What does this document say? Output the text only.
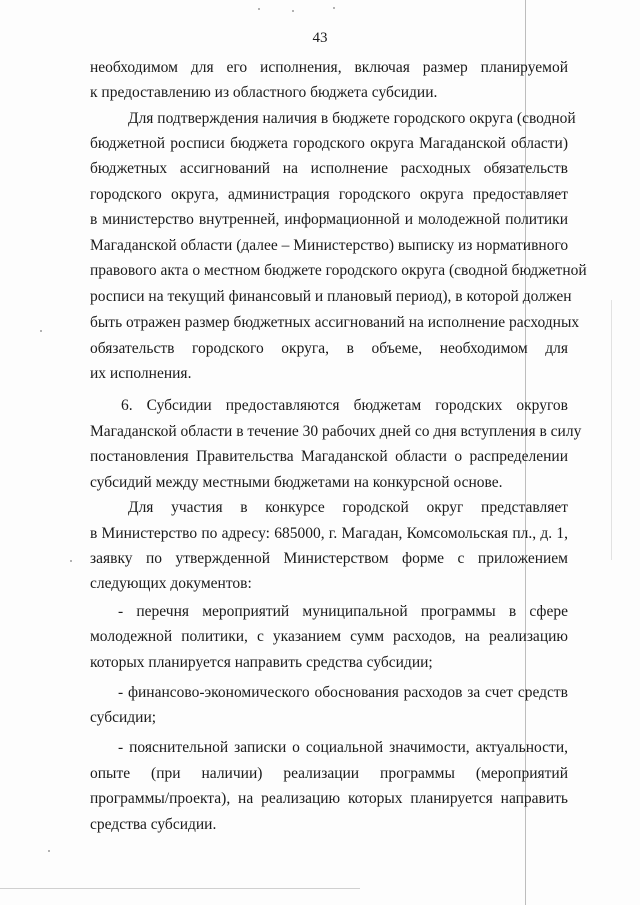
43
необходимом для его исполнения, включая размер планируемой
к предоставлению из областного бюджета субсидии.
Для подтверждения наличия в бюджете городского округа (сводной
бюджетной росписи бюджета городского округа Магаданской области)
бюджетных ассигнований на исполнение расходных обязательств
городского округа, администрация городского округа предоставляет
в министерство внутренней, информационной и молодежной политики
Магаданской области (далее – Министерство) выписку из нормативного
правового акта о местном бюджете городского округа (сводной бюджетной
росписи на текущий финансовый и плановый период), в которой должен
быть отражен размер бюджетных ассигнований на исполнение расходных
обязательств городского округа, в объеме, необходимом для
их исполнения.
6. Субсидии предоставляются бюджетам городских округов
Магаданской области в течение 30 рабочих дней со дня вступления в силу
постановления Правительства Магаданской области о распределении
субсидий между местными бюджетами на конкурсной основе.
Для участия в конкурсе городской округ представляет
в Министерство по адресу: 685000, г. Магадан, Комсомольская пл., д. 1,
заявку по утвержденной Министерством форме с приложением
следующих документов:
- перечня мероприятий муниципальной программы в сфере
молодежной политики, с указанием сумм расходов, на реализацию
которых планируется направить средства субсидии;
- финансово-экономического обоснования расходов за счет средств
субсидии;
- пояснительной записки о социальной значимости, актуальности,
опыте (при наличии) реализации программы (мероприятий
программы/проекта), на реализацию которых планируется направить
средства субсидии.
